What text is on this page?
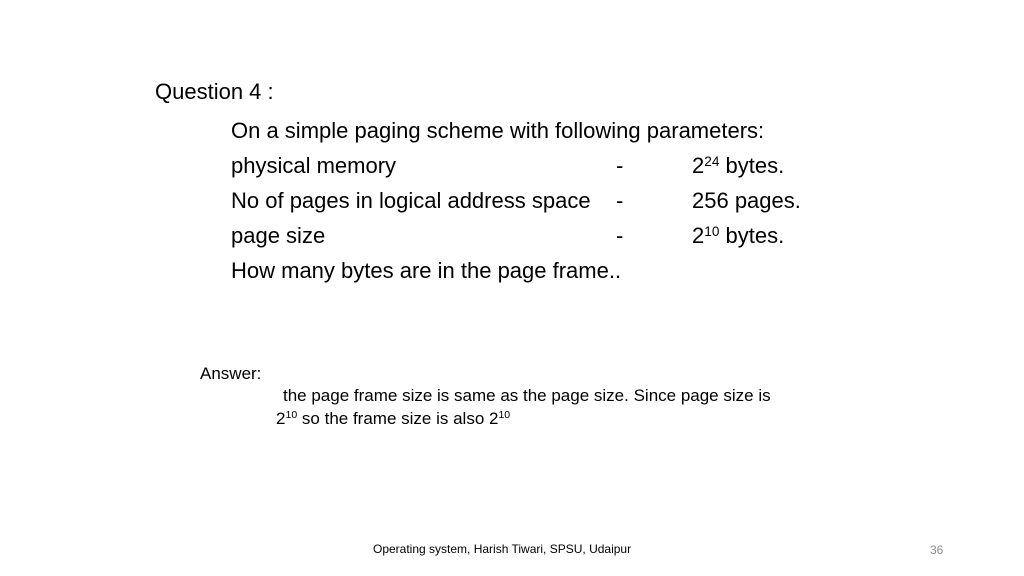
Question 4 :
On a simple paging scheme with following parameters:
physical memory	-	$2^{24}$ bytes.
No of pages in logical address space -	256 pages.
page size	-	$2^{10}$ bytes.
How many bytes are in the page frame..
Answer:
the page frame size is same as the page size. Since page size is
$2^{10}$ so the frame size is also $2^{10}$
Operating system, Harish Tiwari, SPSU, Udaipur	36
